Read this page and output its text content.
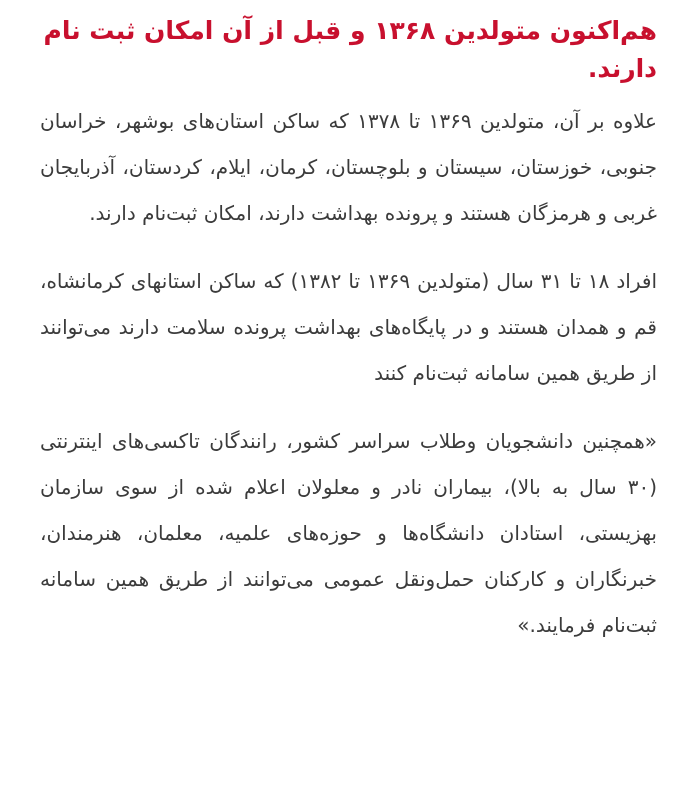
هم‌اکنون متولدین ۱۳۶۸ و قبل از آن امکان ثبت نام دارند.

علاوه بر آن، متولدین ۱۳۶۹ تا ۱۳۷۸ که ساکن استان‌های بوشهر، خراسان جنوبی، خوزستان، سیستان و بلوچستان، کرمان، ایلام، کردستان، آذربایجان غربی و هرمزگان هستند و پرونده بهداشت دارند، امکان ثبت‌نام دارند.

افراد ۱۸ تا ۳۱ سال (متولدین ۱۳۶۹ تا ۱۳۸۲) که ساکن استانهای کرمانشاه، قم و همدان هستند و در پایگاه‌های بهداشت پرونده سلامت دارند می‌توانند از طریق همین سامانه ثبت‌نام کنند

«همچنین دانشجویان وطلاب سراسر کشور، رانندگان تاکسی‌های اینترنتی (۳۰ سال به بالا)، بیماران نادر و معلولان اعلام شده از سوی سازمان بهزیستی، استادان دانشگاه‌ها و حوزه‌های علمیه، معلمان، هنرمندان، خبرنگاران و کارکنان حمل‌ونقل عمومی می‌توانند از طریق همین سامانه ثبت‌نام فرمایند.»
